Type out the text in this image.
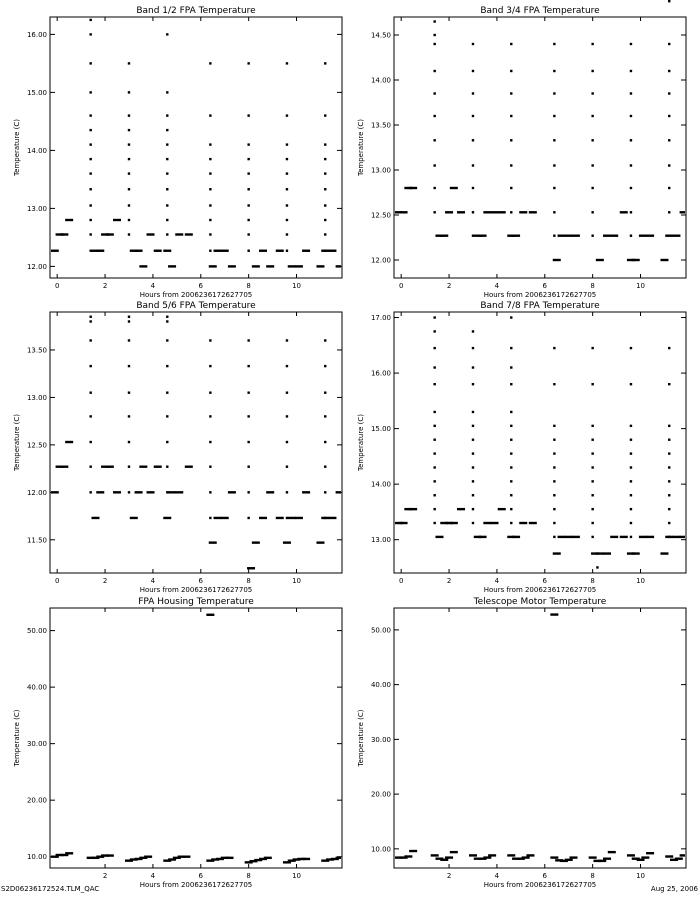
Band 1/2 FPA Temperature
0	2	4	6	8	10
12.00
13.00
14.00
15.00
16.00
Hours from 2006236172627705
Temperature (C)
Band 3/4 FPA Temperature
0	2	4	6	8	10
12.00
12.50
13.00
13.50
14.00
14.50
Hours from 2006236172627705
Temperature (C)
Band 5/6 FPA Temperature
0	2	4	6	8	10
11.50
12.00
12.50
13.00
13.50
Hours from 2006236172627705
Temperature (C)
Band 7/8 FPA Temperature
0	2	4	6	8	10
13.00
14.00
15.00
16.00
17.00
Hours from 2006236172627705
Temperature (C)
FPA Housing Temperature
2	4	6	8	10
10.00
20.00
30.00
40.00
50.00
Hours from 2006236172627705
Temperature (C)
Telescope Motor Temperature
2	4	6	8	10
10.00
20.00
30.00
40.00
50.00
Hours from 2006236172627705
Temperature (C)
S2D06236172524.TLM_QAC	Aug 25, 2006
